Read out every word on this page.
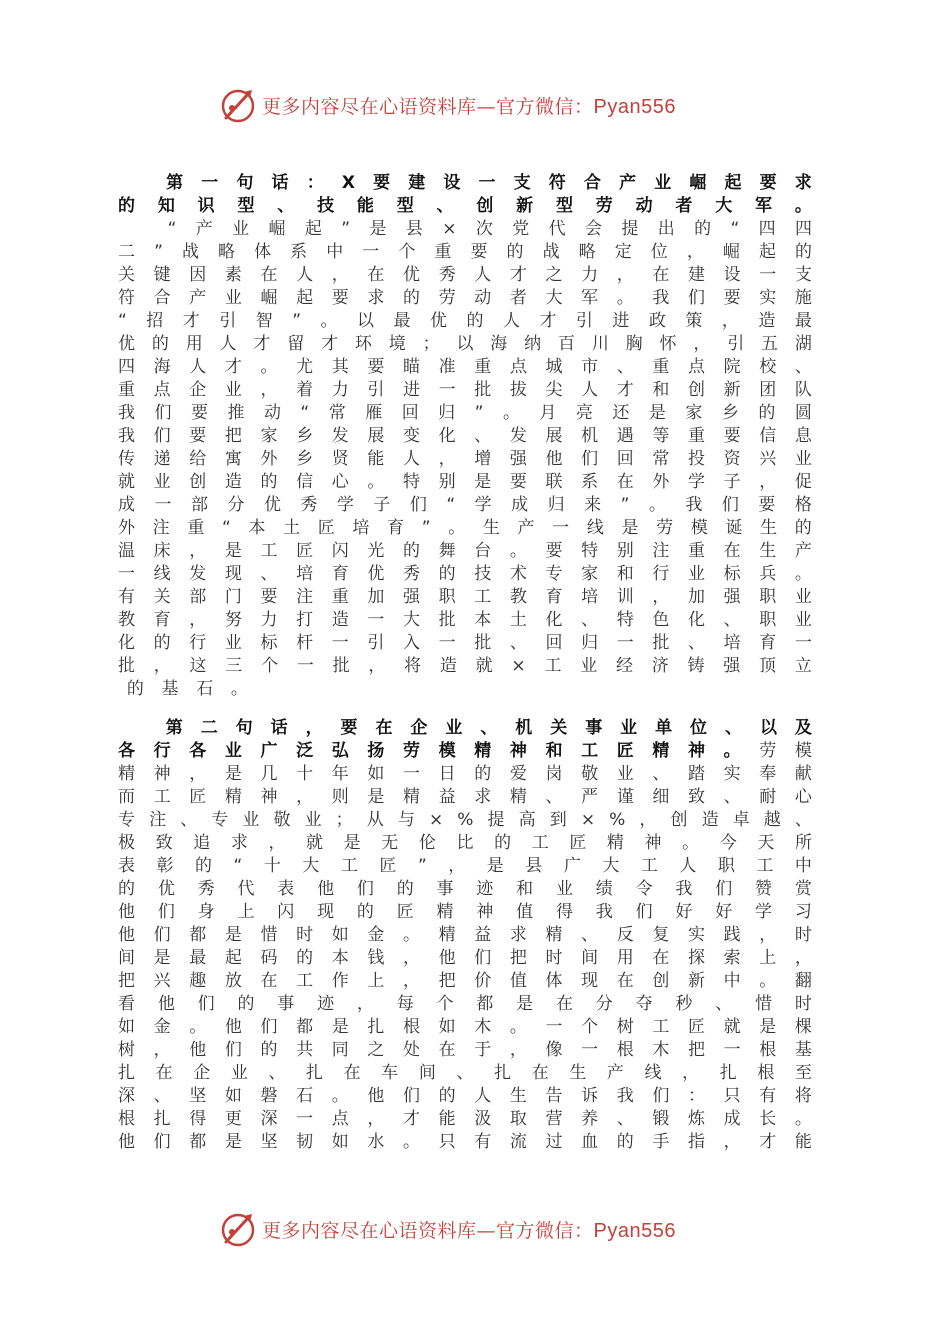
更多内容尽在心语资料库—官方微信：Pyan556

第 一 句 话 ： X 要 建 设 一 支 符 合 产 业 崛 起 要 求
的 知 识 型 、 技 能 型 、 创 新 型 劳 动 者 大 军 。

“ 产 业 崛 起 ” 是 县 × 次 党 代 会 提 出 的 “ 四 四
二 ” 战 略 体 系 中 一 个 重 要 的 战 略 定 位 ， 崛 起 的
关 键 因 素 在 人 ， 在 优 秀 人 才 之 力 ， 在 建 设 一 支
符 合 产 业 崛 起 要 求 的 劳 动 者 大 军 。 我 们 要 实 施
“ 招 才 引 智 ” 。 以 最 优 的 人 才 引 进 政 策 ， 造 最
优 的 用 人 才 留 才 环 境 ； 以 海 纳 百 川 胸 怀 ， 引 五 湖
四 海 人 才 。 尤 其 要 瞄 准 重 点 城 市 、 重 点 院 校 、
重 点 企 业 ， 着 力 引 进 一 批 拔 尖 人 才 和 创 新 团 队
我 们 要 推 动 “ 常 雁 回 归 ” 。 月 亮 还 是 家 乡 的 圆
我 们 要 把 家 乡 发 展 变 化 、 发 展 机 遇 等 重 要 信 息
传 递 给 寓 外 乡 贤 能 人 ， 增 强 他 们 回 常 投 资 兴 业
就 业 创 造 的 信 心 。 特 别 是 要 联 系 在 外 学 子 ， 促
成 一 部 分 优 秀 学 子 们 “ 学 成 归 来 ” 。 我 们 要 格
外 注 重 “ 本 土 匠 培 育 ” 。 生 产 一 线 是 劳 模 诞 生 的
温 床 ， 是 工 匠 闪 光 的 舞 台 。 要 特 别 注 重 在 生 产
一 线 发 现 、 培 育 优 秀 的 技 术 专 家 和 行 业 标 兵 。
有 关 部 门 要 注 重 加 强 职 工 教 育 培 训 ， 加 强 职 业
教 育 ， 努 力 打 造 一 大 批 本 土 化 、 特 色 化 、 职 业
化 的 行 业 标 杆 一 引 入 一 批 、 回 归 一 批 、 培 育 一
批 ， 这 三 个 一 批 ， 将 造 就 × 工 业 经 济 铸 强 顶 立
的	基	石	。

第 二 句 话 ， 要 在 企 业 、 机 关 事 业 单 位 、 以 及
各 行 各 业 广 泛 弘 扬 劳 模 精 神 和 工 匠 精 神 。 劳 模
精 神 ， 是 几 十 年 如 一 日 的 爱 岗 敬 业 、 踏 实 奉 献
而 工 匠 精 神 ， 则 是 精 益 求 精 、 严 谨 细 致 、 耐 心
专 注 、 专 业 敬 业 ； 从 与 × % 提 高 到 × % ， 创 造 卓 越 、
极 致 追 求 ， 就 是 无 伦 比 的 工 匠 精 神 。 今 天 所
表 彰 的 “ 十 大 工 匠 ” ， 是 县 广 大 工 人 职 工 中
的 优 秀 代 表 他 们 的 事 迹 和 业 绩 令 我 们 赞 赏
他 们 身 上 闪 现 的 匠 精 神 值 得 我 们 好 好 学 习
他 们 都 是 惜 时 如 金 。 精 益 求 精 、 反 复 实 践 ， 时
间 是 最 起 码 的 本 钱 ， 他 们 把 时 间 用 在 探 索 上 ，
把 兴 趣 放 在 工 作 上 ， 把 价 值 体 现 在 创 新 中 。 翻
看 他 们 的 事 迹 ， 每 个 都 是 在 分 夺 秒 、 惜 时
如 金 。 他 们 都 是 扎 根 如 木 。 一 个 树 工 匠 就 是 棵
树 ， 他 们 的 共 同 之 处 在 于 ， 像 一 根 木 把 一 根 基
扎 在 企 业 、 扎 在 车 间 、 扎 在 生 产 线 ， 扎 根 至
深 、 坚 如 磐 石 。 他 们 的 人 生 告 诉 我 们 ： 只 有 将
根 扎 得 更 深 一 点 ， 才 能 汲 取 营 养 、 锻 炼 成 长 。
他 们 都 是 坚 韧 如 水 。 只 有 流 过 血 的 手 指 ， 才 能
更多内容尽在心语资料库—官方微信：Pyan556
